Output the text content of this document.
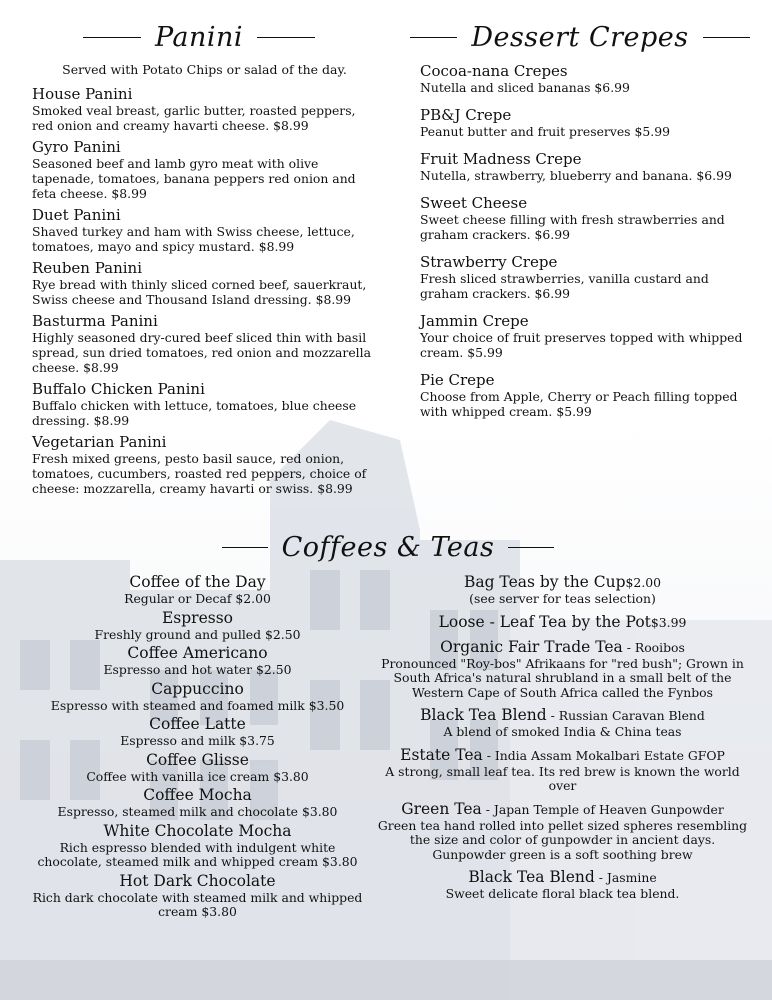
Panini	Dessert Crepes
Served with Potato Chips or salad of the day.
House Panini
Smoked veal breast, garlic butter, roasted peppers, red onion and creamy havarti cheese. $8.99
Gyro Panini
Seasoned beef and lamb gyro meat with olive tapenade, tomatoes, banana peppers red onion and feta cheese. $8.99
Duet Panini
Shaved turkey and ham with Swiss cheese, lettuce, tomatoes, mayo and spicy mustard. $8.99
Reuben Panini
Rye bread with thinly sliced corned beef, sauerkraut, Swiss cheese and Thousand Island dressing. $8.99
Basturma Panini
Highly seasoned dry-cured beef sliced thin with basil spread, sun dried tomatoes, red onion and mozzarella cheese. $8.99
Buffalo Chicken Panini
Buffalo chicken with lettuce, tomatoes, blue cheese dressing. $8.99
Vegetarian Panini
Fresh mixed greens, pesto basil sauce, red onion, tomatoes, cucumbers, roasted red peppers, choice of cheese: mozzarella, creamy havarti or swiss. $8.99
Cocoa-nana Crepes
Nutella and sliced bananas $6.99
PB&J Crepe
Peanut butter and fruit preserves $5.99
Fruit Madness Crepe
Nutella, strawberry, blueberry and banana. $6.99
Sweet Cheese
Sweet cheese filling with fresh strawberries and graham crackers. $6.99
Strawberry Crepe
Fresh sliced strawberries, vanilla custard and graham crackers. $6.99
Jammin Crepe
Your choice of fruit preserves topped with whipped cream. $5.99
Pie Crepe
Choose from Apple, Cherry or Peach filling topped with whipped cream. $5.99
Coffees & Teas
Coffee of the Day
Regular or Decaf $2.00
Espresso
Freshly ground and pulled $2.50
Coffee Americano
Espresso and hot water $2.50
Cappuccino
Espresso with steamed and foamed milk $3.50
Coffee Latte
Espresso and milk $3.75
Coffee Glisse
Coffee with vanilla ice cream $3.80
Coffee Mocha
Espresso, steamed milk and chocolate $3.80
White Chocolate Mocha
Rich espresso blended with indulgent white chocolate, steamed milk and whipped cream $3.80
Hot Dark Chocolate
Rich dark chocolate with steamed milk and whipped cream $3.80
Bag Teas by the Cup$2.00
(see server for teas selection)
Loose - Leaf Tea by the Pot$3.99
Organic Fair Trade Tea - Rooibos
Pronounced "Roy-bos" Afrikaans for "red bush"; Grown in South Africa's natural shrubland in a small belt of the Western Cape of South Africa called the Fynbos
Black Tea Blend - Russian Caravan Blend
A blend of smoked India & China teas
Estate Tea - India Assam Mokalbari Estate GFOP
A strong, small leaf tea. Its red brew is known the world over
Green Tea - Japan Temple of Heaven Gunpowder
Green tea hand rolled into pellet sized spheres resembling the size and color of gunpowder in ancient days. Gunpowder green is a soft soothing brew
Black Tea Blend - Jasmine
Sweet delicate floral black tea blend.
